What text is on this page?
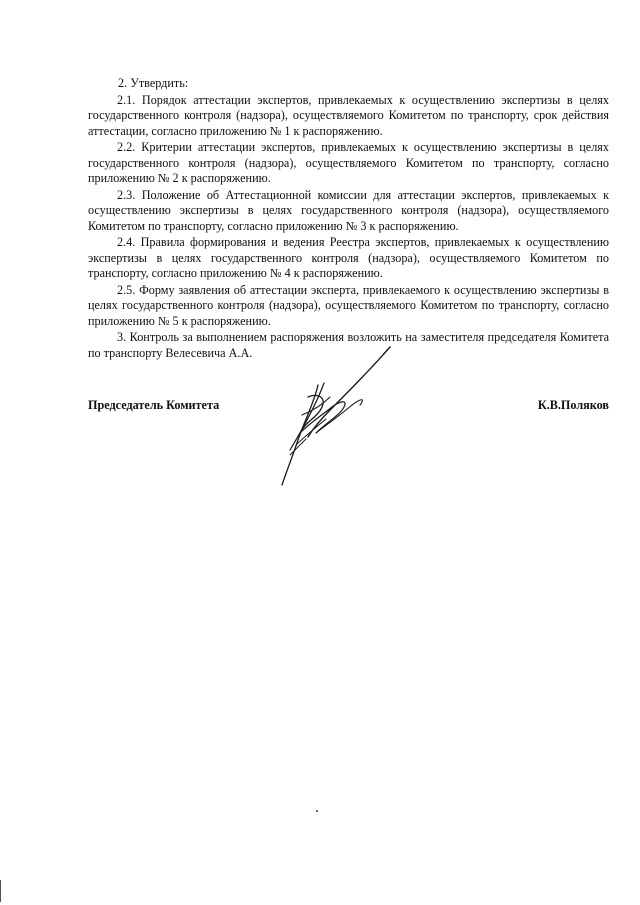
2. Утвердить:

2.1. Порядок аттестации экспертов, привлекаемых к осуществлению экспертизы в целях государственного контроля (надзора), осуществляемого Комитетом по транспорту, срок действия аттестации, согласно приложению № 1 к распоряжению.

2.2. Критерии аттестации экспертов, привлекаемых к осуществлению экспертизы в целях государственного контроля (надзора), осуществляемого Комитетом по транспорту, согласно приложению № 2 к распоряжению.

2.3. Положение об Аттестационной комиссии для аттестации экспертов, привлекаемых к осуществлению экспертизы в целях государственного контроля (надзора), осуществляемого Комитетом по транспорту, согласно приложению № 3 к распоряжению.

2.4. Правила формирования и ведения Реестра экспертов, привлекаемых к осуществлению экспертизы в целях государственного контроля (надзора), осуществляемого Комитетом по транспорту, согласно приложению № 4 к распоряжению.

2.5. Форму заявления об аттестации эксперта, привлекаемого к осуществлению экспертизы в целях государственного контроля (надзора), осуществляемого Комитетом по транспорту, согласно приложению № 5 к распоряжению.

3. Контроль за выполнением распоряжения возложить на заместителя председателя Комитета по транспорту Велесевича А.А.

Председатель Комитета	К.В.Поляков
